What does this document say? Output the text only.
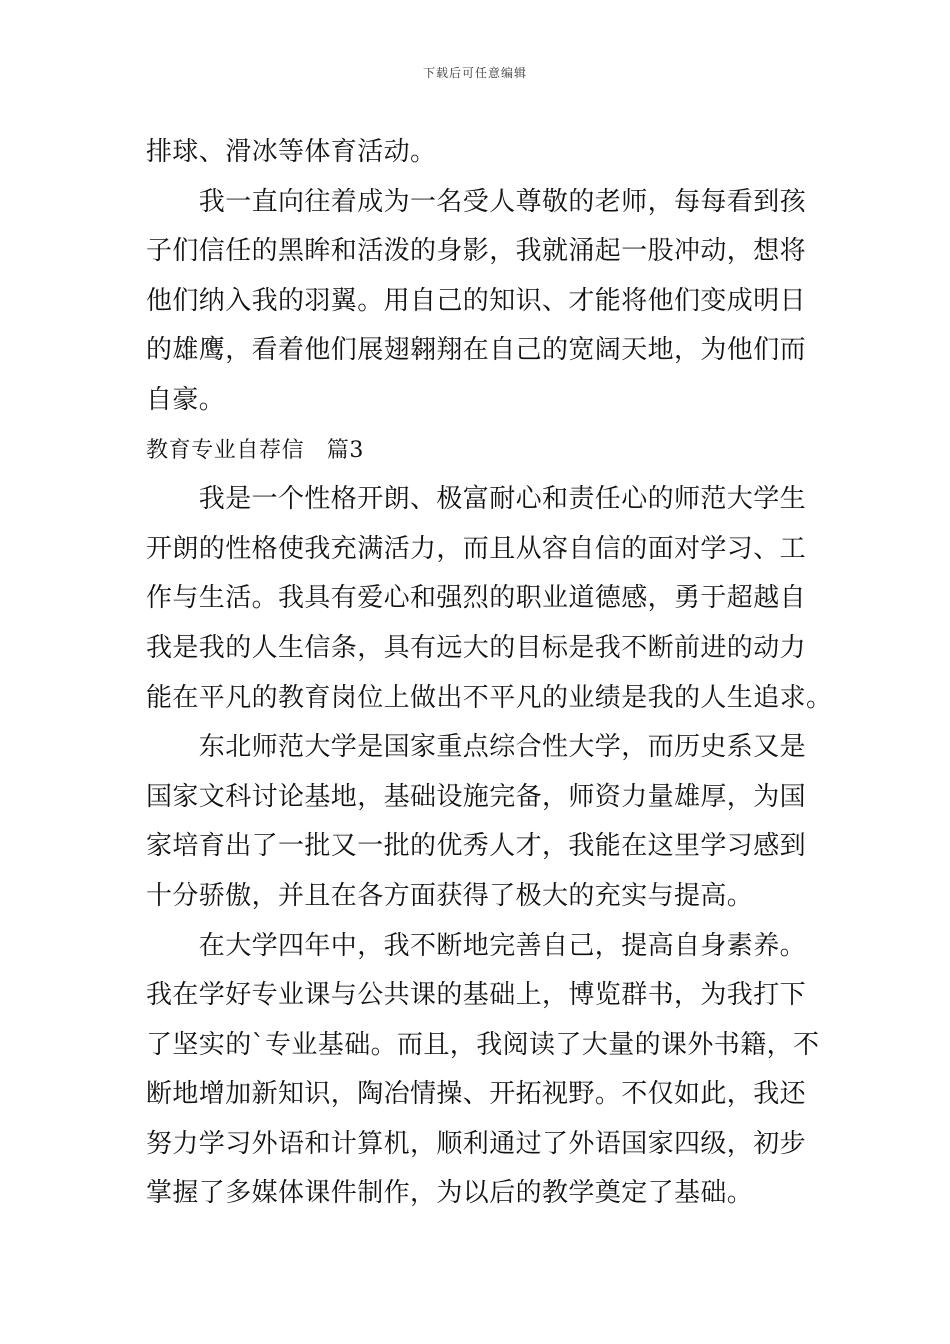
下载后可任意编辑
排球、滑冰等体育活动。
　　我一直向往着成为一名受人尊敬的老师，每每看到孩
子们信任的黑眸和活泼的身影，我就涌起一股冲动，想将
他们纳入我的羽翼。用自己的知识、才能将他们变成明日
的雄鹰，看着他们展翅翱翔在自己的宽阔天地，为他们而
自豪。
教育专业自荐信　篇3
　　我是一个性格开朗、极富耐心和责任心的师范大学生
开朗的性格使我充满活力，而且从容自信的面对学习、工
作与生活。我具有爱心和强烈的职业道德感，勇于超越自
我是我的人生信条，具有远大的目标是我不断前进的动力
能在平凡的教育岗位上做出不平凡的业绩是我的人生追求。
　　东北师范大学是国家重点综合性大学，而历史系又是
国家文科讨论基地，基础设施完备，师资力量雄厚，为国
家培育出了一批又一批的优秀人才，我能在这里学习感到
十分骄傲，并且在各方面获得了极大的充实与提高。
　　在大学四年中，我不断地完善自己，提高自身素养。
我在学好专业课与公共课的基础上，博览群书，为我打下
了坚实的`专业基础。而且，我阅读了大量的课外书籍，不
断地增加新知识，陶冶情操、开拓视野。不仅如此，我还
努力学习外语和计算机，顺利通过了外语国家四级，初步
掌握了多媒体课件制作，为以后的教学奠定了基础。
